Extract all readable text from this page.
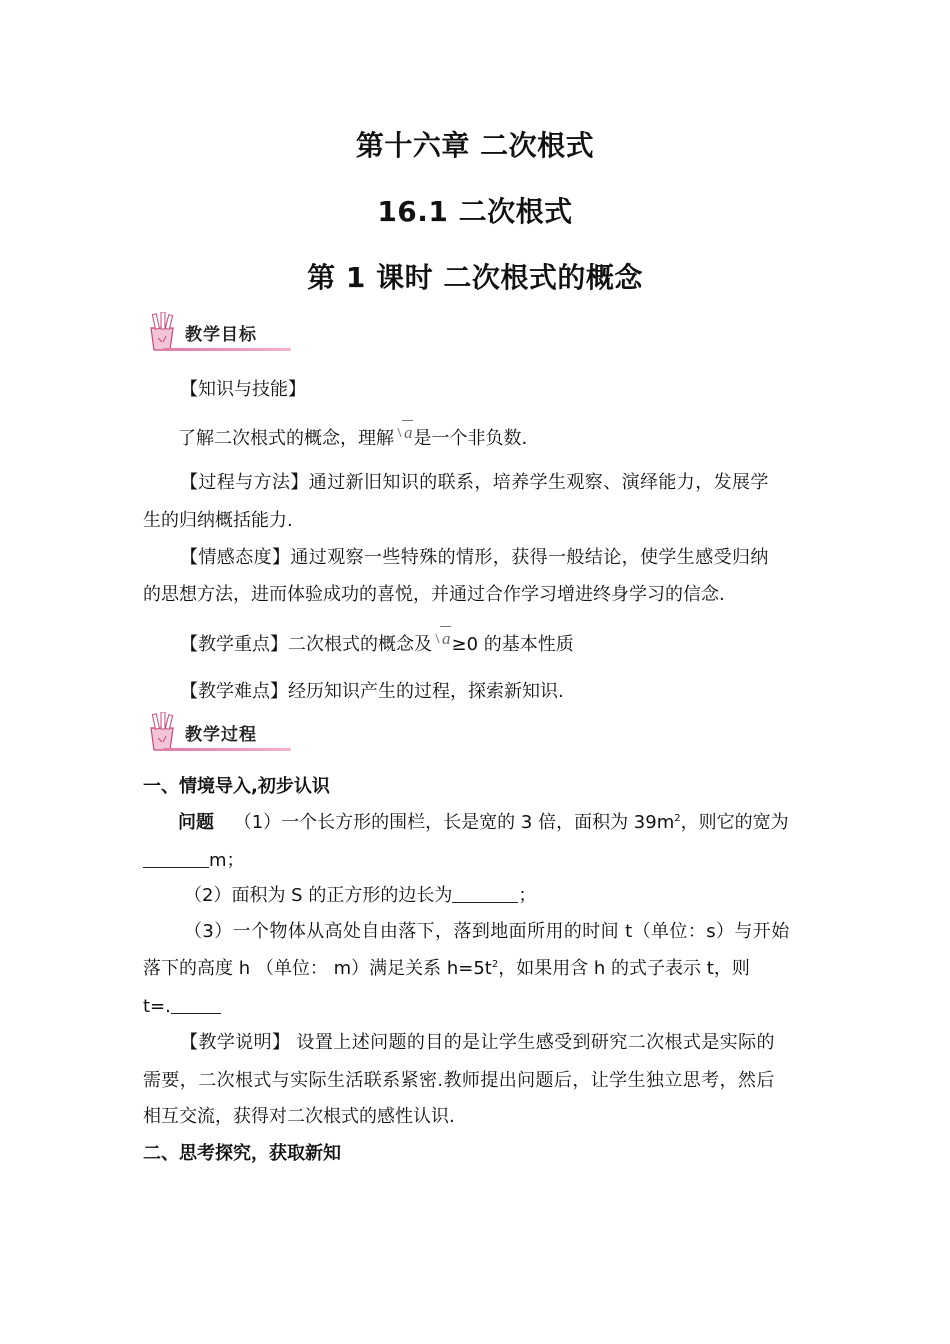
第十六章 二次根式
16.1 二次根式
第 1 课时 二次根式的概念
教学目标
【知识与技能】
了解二次根式的概念，理解 a是一个非负数.
【过程与方法】通过新旧知识的联系，培养学生观察、演绎能力，发展学
生的归纳概括能力.
【情感态度】通过观察一些特殊的情形，获得一般结论，使学生感受归纳
的思想方法，进而体验成功的喜悦，并通过合作学习增进终身学习的信念.
【教学重点】二次根式的概念及 a≥0 的基本性质
【教学难点】经历知识产生的过程，探索新知识.
教学过程
一、情境导入,初步认识
问题 （1）一个长方形的围栏，长是宽的 3 倍，面积为 $39m^2$，则它的宽为
m；
（2）面积为 S 的正方形的边长为	；
（3）一个物体从高处自由落下，落到地面所用的时间 t（单位：s）与开始
落下的高度 h （单位： m）满足关系 $h=5t^2$，如果用含 h 的式子表示 t，则
t=.
【教学说明】 设置上述问题的目的是让学生感受到研究二次根式是实际的
需要，二次根式与实际生活联系紧密.教师提出问题后，让学生独立思考，然后
相互交流，获得对二次根式的感性认识.
二、思考探究，获取新知
